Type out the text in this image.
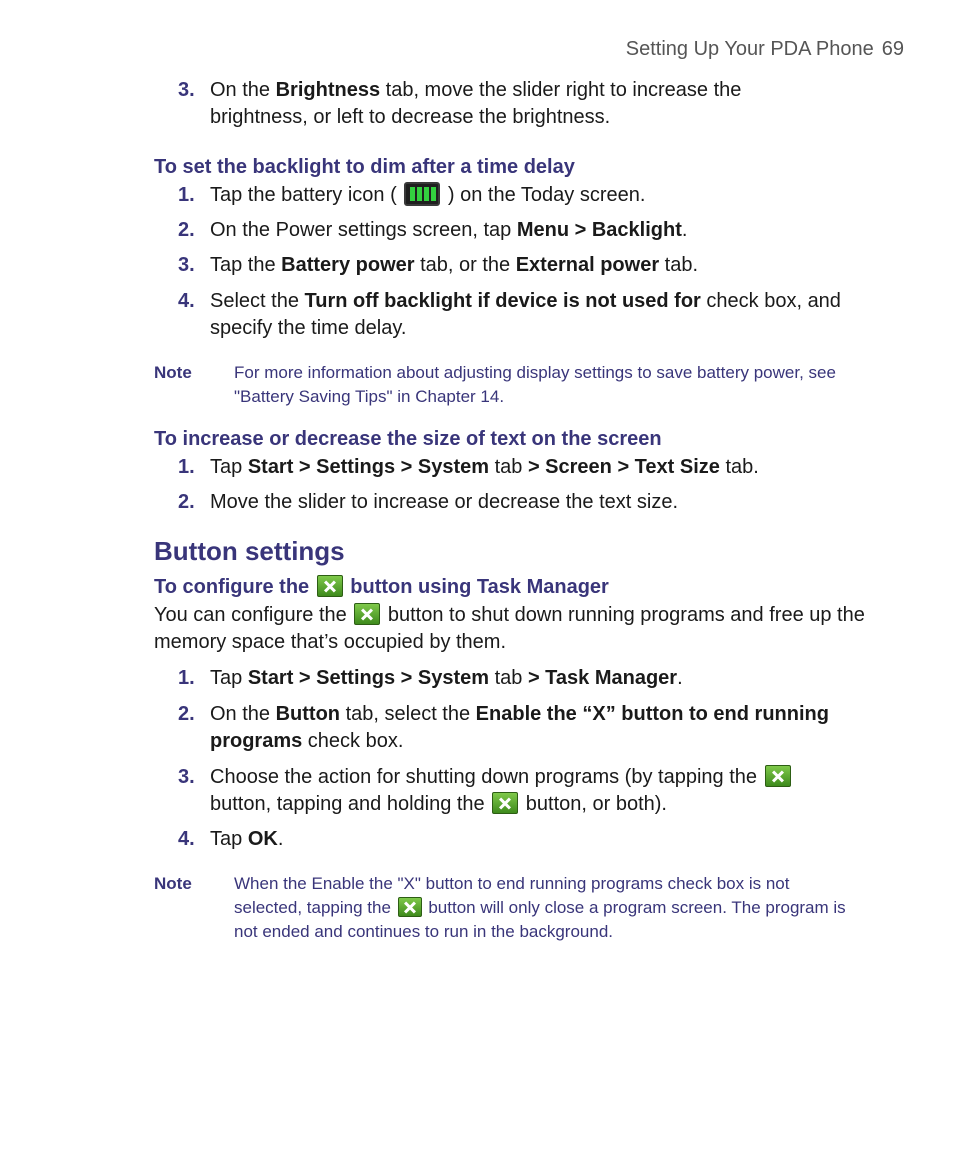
Setting Up Your PDA Phone 69
3. On the Brightness tab, move the slider right to increase the brightness, or left to decrease the brightness.
To set the backlight to dim after a time delay
1. Tap the battery icon (
) on the Today screen.
2. On the Power settings screen, tap Menu > Backlight.
3. Tap the Battery power tab, or the External power tab.
4. Select the Turn off backlight if device is not used for check box, and specify the time delay.
Note For more information about adjusting display settings to save battery power, see "Battery Saving Tips" in Chapter 14.
To increase or decrease the size of text on the screen
1. Tap Start > Settings > System tab > Screen > Text Size tab.
2. Move the slider to increase or decrease the text size.
Button settings
To configure the  button using Task Manager
You can configure the  button to shut down running programs and free up the memory space that’s occupied by them.
1. Tap Start > Settings > System tab > Task Manager.
2. On the Button tab, select the Enable the “X” button to end running programs check box.
3. Choose the action for shutting down programs (by tapping the  button, tapping and holding the  button, or both).
4. Tap OK.
Note When the Enable the "X" button to end running programs check box is not selected, tapping the  button will only close a program screen. The program is not ended and continues to run in the background.
